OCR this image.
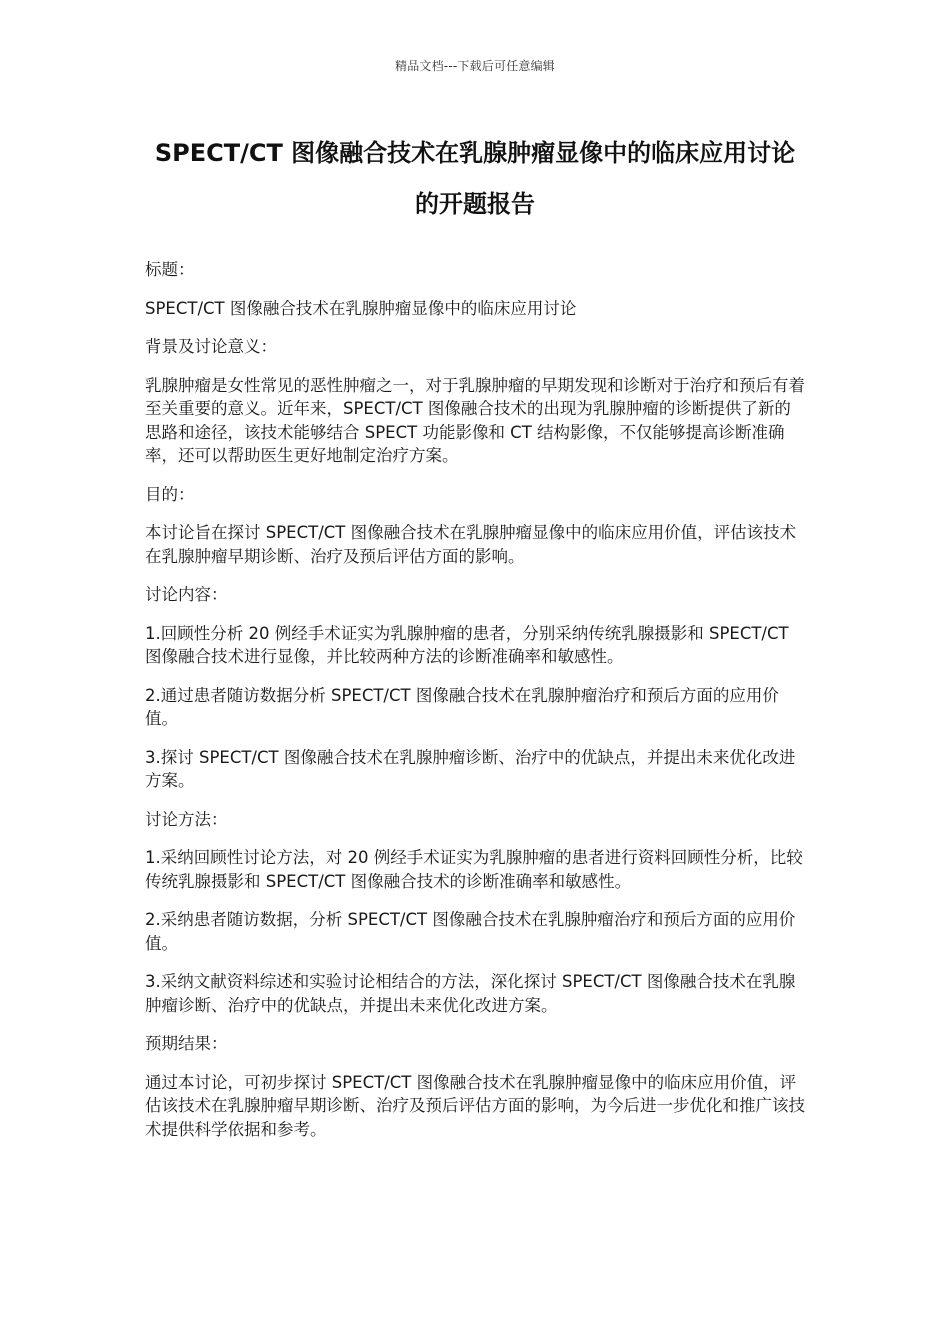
精品文档---下载后可任意编辑
SPECT/CT 图像融合技术在乳腺肿瘤显像中的临床应用讨论的开题报告

标题：

SPECT/CT 图像融合技术在乳腺肿瘤显像中的临床应用讨论

背景及讨论意义：

乳腺肿瘤是女性常见的恶性肿瘤之一，对于乳腺肿瘤的早期发现和诊断对于治疗和预后有着至关重要的意义。近年来，SPECT/CT 图像融合技术的出现为乳腺肿瘤的诊断提供了新的思路和途径，该技术能够结合 SPECT 功能影像和 CT 结构影像，不仅能够提高诊断准确率，还可以帮助医生更好地制定治疗方案。

目的：

本讨论旨在探讨 SPECT/CT 图像融合技术在乳腺肿瘤显像中的临床应用价值，评估该技术在乳腺肿瘤早期诊断、治疗及预后评估方面的影响。

讨论内容：

1.回顾性分析 20 例经手术证实为乳腺肿瘤的患者，分别采纳传统乳腺摄影和 SPECT/CT 图像融合技术进行显像，并比较两种方法的诊断准确率和敏感性。

2.通过患者随访数据分析 SPECT/CT 图像融合技术在乳腺肿瘤治疗和预后方面的应用价值。

3.探讨 SPECT/CT 图像融合技术在乳腺肿瘤诊断、治疗中的优缺点，并提出未来优化改进方案。

讨论方法：

1.采纳回顾性讨论方法，对 20 例经手术证实为乳腺肿瘤的患者进行资料回顾性分析，比较传统乳腺摄影和 SPECT/CT 图像融合技术的诊断准确率和敏感性。

2.采纳患者随访数据，分析 SPECT/CT 图像融合技术在乳腺肿瘤治疗和预后方面的应用价值。

3.采纳文献资料综述和实验讨论相结合的方法，深化探讨 SPECT/CT 图像融合技术在乳腺肿瘤诊断、治疗中的优缺点，并提出未来优化改进方案。

预期结果：

通过本讨论，可初步探讨 SPECT/CT 图像融合技术在乳腺肿瘤显像中的临床应用价值，评估该技术在乳腺肿瘤早期诊断、治疗及预后评估方面的影响，为今后进一步优化和推广该技术提供科学依据和参考。
